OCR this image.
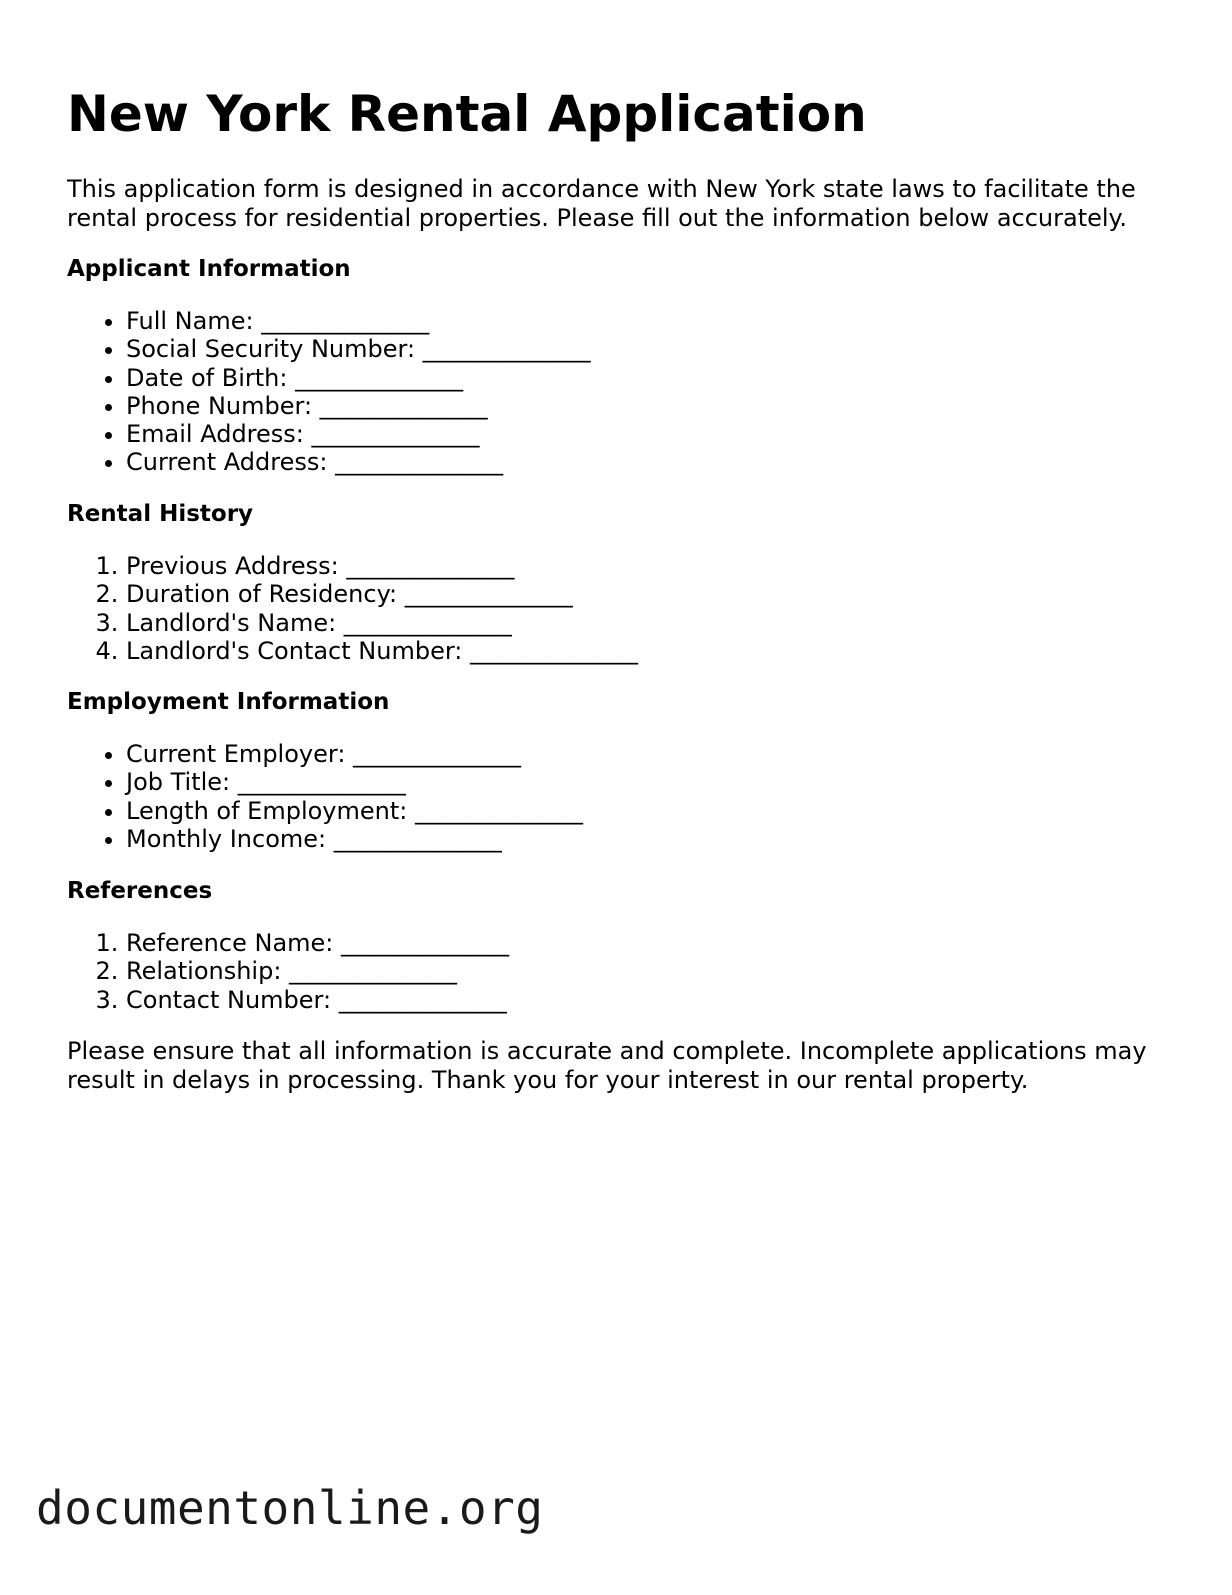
New York Rental Application

This application form is designed in accordance with New York state laws to facilitate the rental process for residential properties. Please fill out the information below accurately.

Applicant Information
• Full Name: ______________
• Social Security Number: ______________
• Date of Birth: ______________
• Phone Number: ______________
• Email Address: ______________
• Current Address: ______________
Rental History
1. Previous Address: ______________
2. Duration of Residency: ______________
3. Landlord's Name: ______________
4. Landlord's Contact Number: ______________
Employment Information
• Current Employer: ______________
• Job Title: ______________
• Length of Employment: ______________
• Monthly Income: ______________
References
1. Reference Name: ______________
2. Relationship: ______________
3. Contact Number: ______________

Please ensure that all information is accurate and complete. Incomplete applications may result in delays in processing. Thank you for your interest in our rental property.

documentonline.org
